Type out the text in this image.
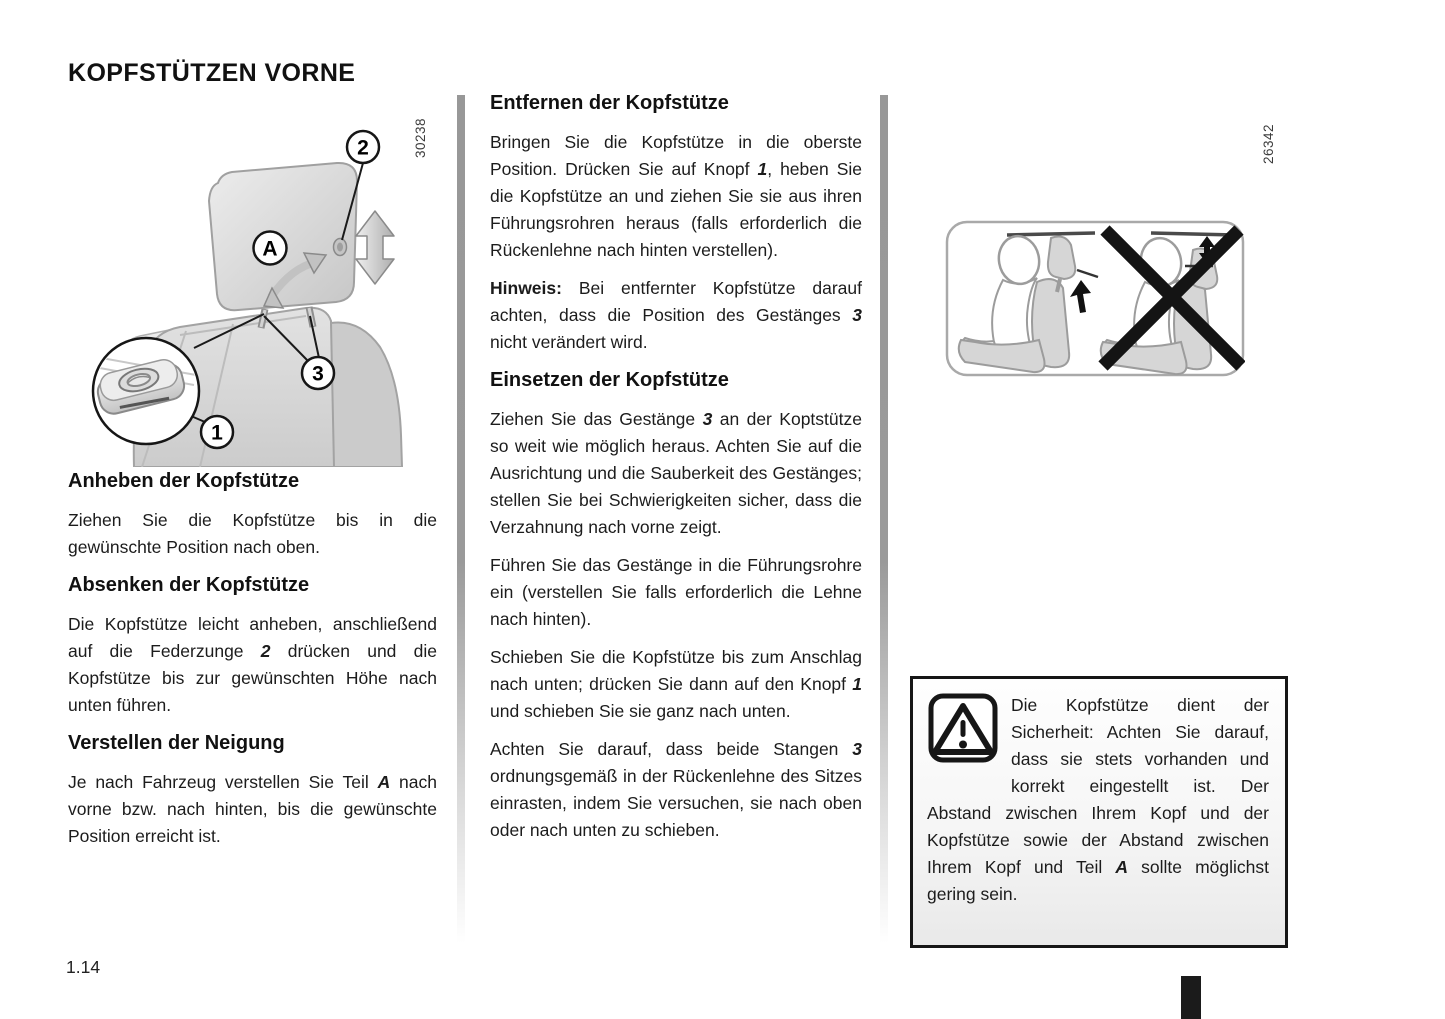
KOPFSTÜTZEN VORNE
2
A
3
1
30238
Anheben der Kopfstütze

Ziehen Sie die Kopfstütze bis in die gewünschte Position nach oben.

Absenken der Kopfstütze

Die Kopfstütze leicht anheben, anschließend auf die Federzunge 2 drücken und die Kopfstütze bis zur gewünschten Höhe nach unten führen.

Verstellen der Neigung

Je nach Fahrzeug verstellen Sie Teil A nach vorne bzw. nach hinten, bis die gewünschte Position erreicht ist.

Entfernen der Kopfstütze

Bringen Sie die Kopfstütze in die oberste Position. Drücken Sie auf Knopf 1, heben Sie die Kopfstütze an und ziehen Sie sie aus ihren Führungsrohren heraus (falls erforderlich die Rückenlehne nach hinten verstellen).

Hinweis: Bei entfernter Kopfstütze darauf achten, dass die Position des Gestänges 3 nicht verändert wird.

Einsetzen der Kopfstütze

Ziehen Sie das Gestänge 3 an der Koptstütze so weit wie möglich heraus. Achten Sie auf die Ausrichtung und die Sauberkeit des Gestänges; stellen Sie bei Schwierigkeiten sicher, dass die Verzahnung nach vorne zeigt.

Führen Sie das Gestänge in die Führungsrohre ein (verstellen Sie falls erforderlich die Lehne nach hinten).

Schieben Sie die Kopfstütze bis zum Anschlag nach unten; drücken Sie dann auf den Knopf 1 und schieben Sie sie ganz nach unten.

Achten Sie darauf, dass beide Stangen 3 ordnungsgemäß in der Rückenlehne des Sitzes einrasten, indem Sie versuchen, sie nach oben oder nach unten zu schieben.

26342

Die Kopfstütze dient der Sicherheit: Achten Sie darauf, dass sie stets vorhanden und korrekt eingestellt ist. Der Abstand zwischen Ihrem Kopf und der Kopfstütze sowie der Abstand zwischen Ihrem Kopf und Teil A sollte möglichst gering sein.

1.14
